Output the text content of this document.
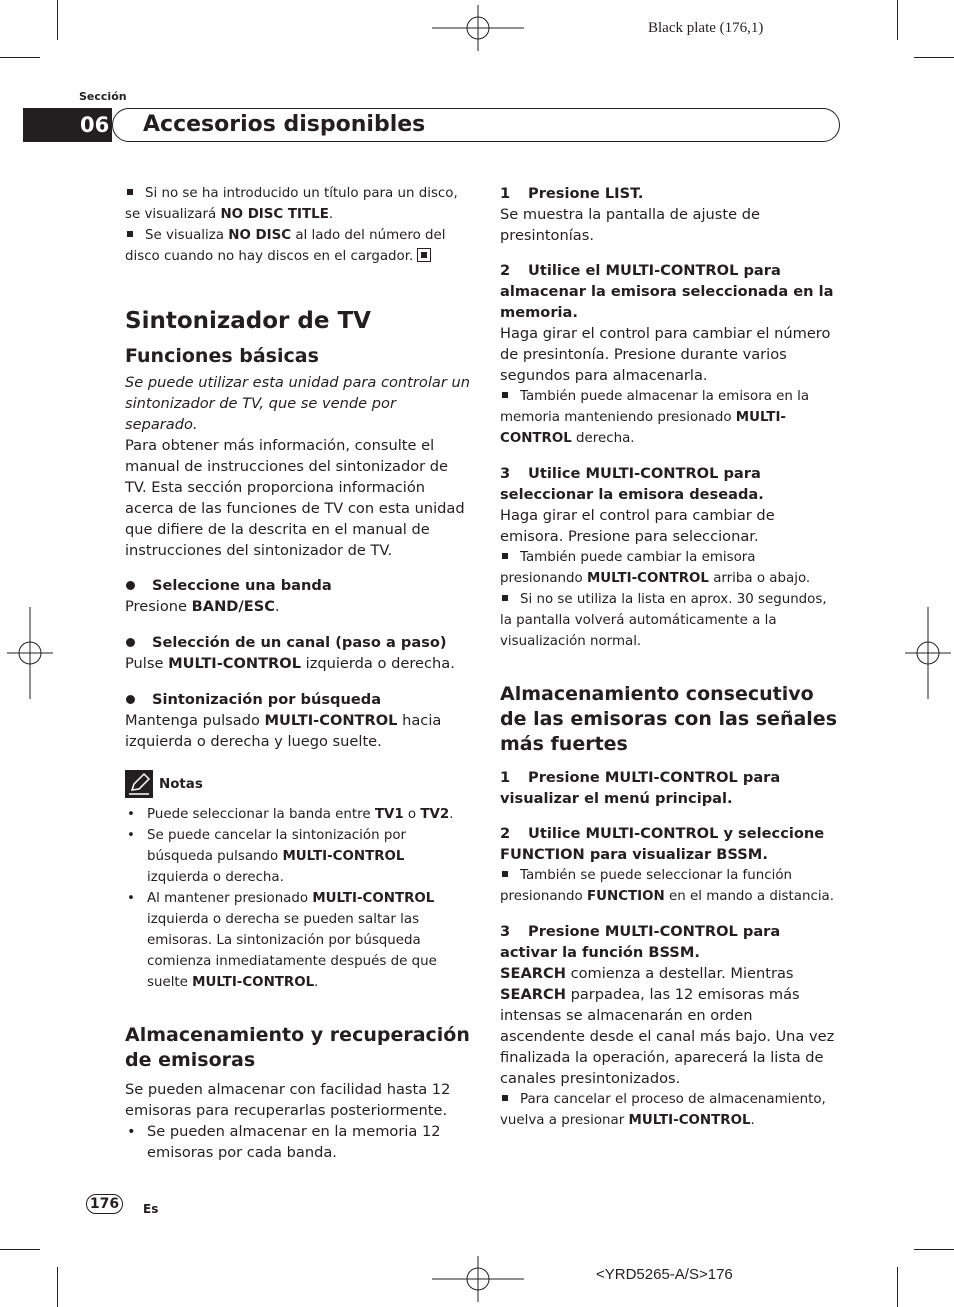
Black plate (176,1)
Sección
06	Accesorios disponibles

Si no se ha introducido un título para un disco, se visualizará NO DISC TITLE.

Se visualiza NO DISC al lado del número del disco cuando no hay discos en el cargador.

Sintonizador de TV
Funciones básicas

Se puede utilizar esta unidad para controlar un sintonizador de TV, que se vende por separado.

Para obtener más información, consulte el manual de instrucciones del sintonizador de TV. Esta sección proporciona información acerca de las funciones de TV con esta unidad que difiere de la descrita en el manual de instrucciones del sintonizador de TV.

Seleccione una banda

Presione BAND/ESC.

Selección de un canal (paso a paso)

Pulse MULTI-CONTROL izquierda o derecha.

Sintonización por búsqueda

Mantenga pulsado MULTI-CONTROL hacia izquierda o derecha y luego suelte.

Notas

• Puede seleccionar la banda entre TV1 o TV2.

• Se puede cancelar la sintonización por búsqueda pulsando MULTI-CONTROL izquierda o derecha.

• Al mantener presionado MULTI-CONTROL izquierda o derecha se pueden saltar las emisoras. La sintonización por búsqueda comienza inmediatamente después de que suelte MULTI-CONTROL.

Almacenamiento y recuperación de emisoras

Se pueden almacenar con facilidad hasta 12 emisoras para recuperarlas posteriormente.

• Se pueden almacenar en la memoria 12 emisoras por cada banda.

1 Presione LIST.

Se muestra la pantalla de ajuste de presintonías.

2 Utilice el MULTI-CONTROL para almacenar la emisora seleccionada en la memoria.

Haga girar el control para cambiar el número de presintonía. Presione durante varios segundos para almacenarla.

También puede almacenar la emisora en la memoria manteniendo presionado MULTI-CONTROL derecha.

3 Utilice MULTI-CONTROL para seleccionar la emisora deseada.

Haga girar el control para cambiar de emisora. Presione para seleccionar.

También puede cambiar la emisora presionando MULTI-CONTROL arriba o abajo.

Si no se utiliza la lista en aprox. 30 segundos, la pantalla volverá automáticamente a la visualización normal.

Almacenamiento consecutivo de las emisoras con las señales más fuertes

1 Presione MULTI-CONTROL para visualizar el menú principal.

2 Utilice MULTI-CONTROL y seleccione FUNCTION para visualizar BSSM.

También se puede seleccionar la función presionando FUNCTION en el mando a distancia.

3 Presione MULTI-CONTROL para activar la función BSSM.

SEARCH comienza a destellar. Mientras SEARCH parpadea, las 12 emisoras más intensas se almacenarán en orden ascendente desde el canal más bajo. Una vez finalizada la operación, aparecerá la lista de canales presintonizados.

Para cancelar el proceso de almacenamiento, vuelva a presionar MULTI-CONTROL.

176	Es
<YRD5265-A/S>176
